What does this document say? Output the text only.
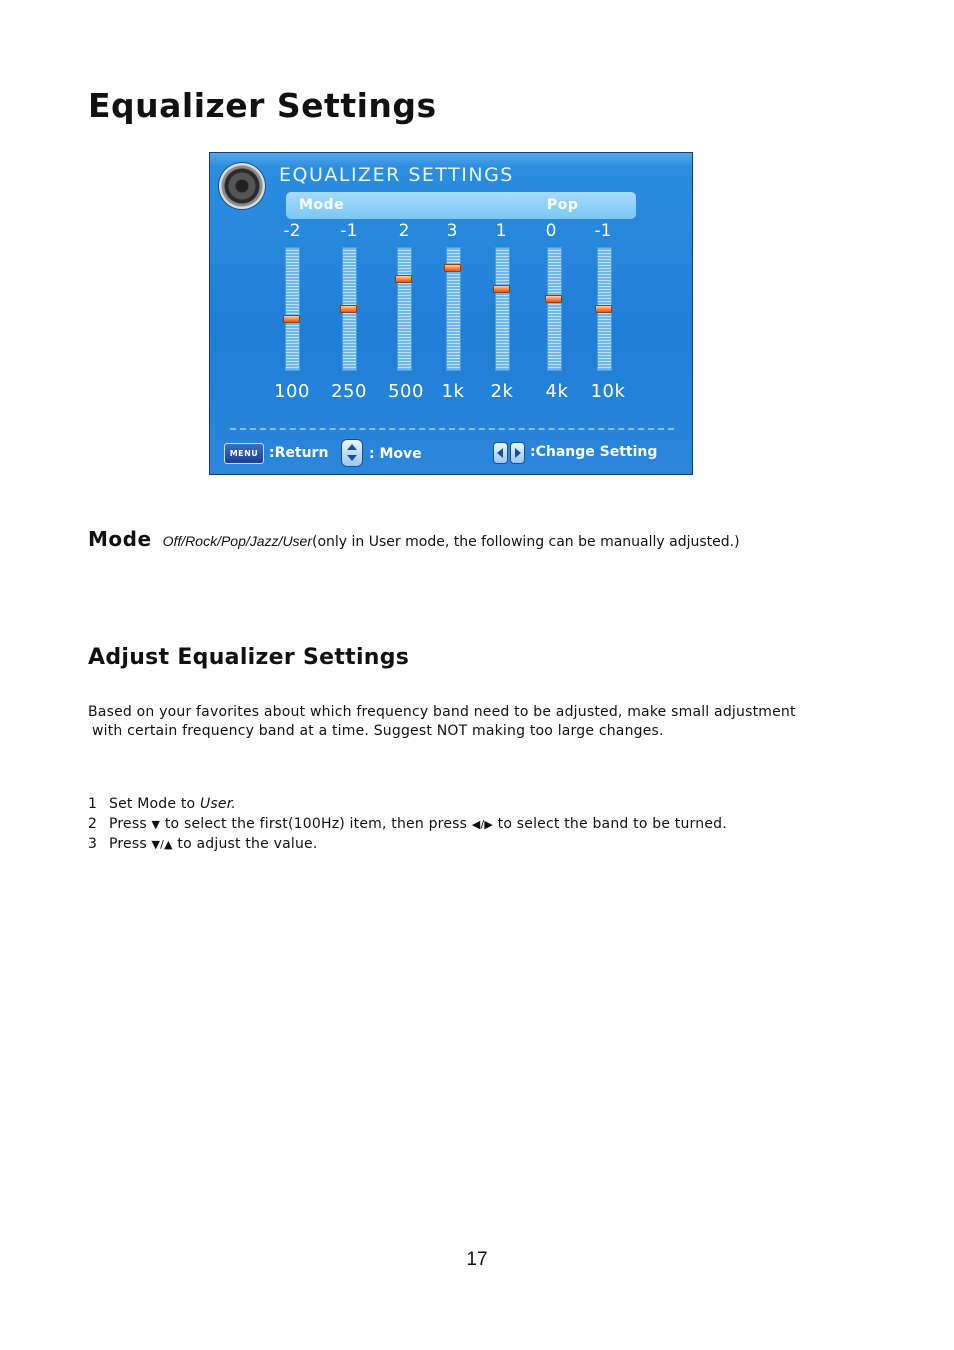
Equalizer Settings
EQUALIZER SETTINGS
Mode	Pop
-2
100
-1
250
2
500
3
1k
1
2k
0
4k
-1
10k
MENU :Return	: Move	:Change Setting
Mode Off/Rock/Pop/Jazz/User(only in User mode, the following can be manually adjusted.)
Adjust Equalizer Settings
Based on your favorites about which frequency band need to be adjusted, make small adjustment
with certain frequency band at a time. Suggest NOT making too large changes.
1 Set Mode to User.
2 Press ▼ to select the first(100Hz) item, then press ◀/▶ to select the band to be turned.
3 Press ▼/▲ to adjust the value.
17
